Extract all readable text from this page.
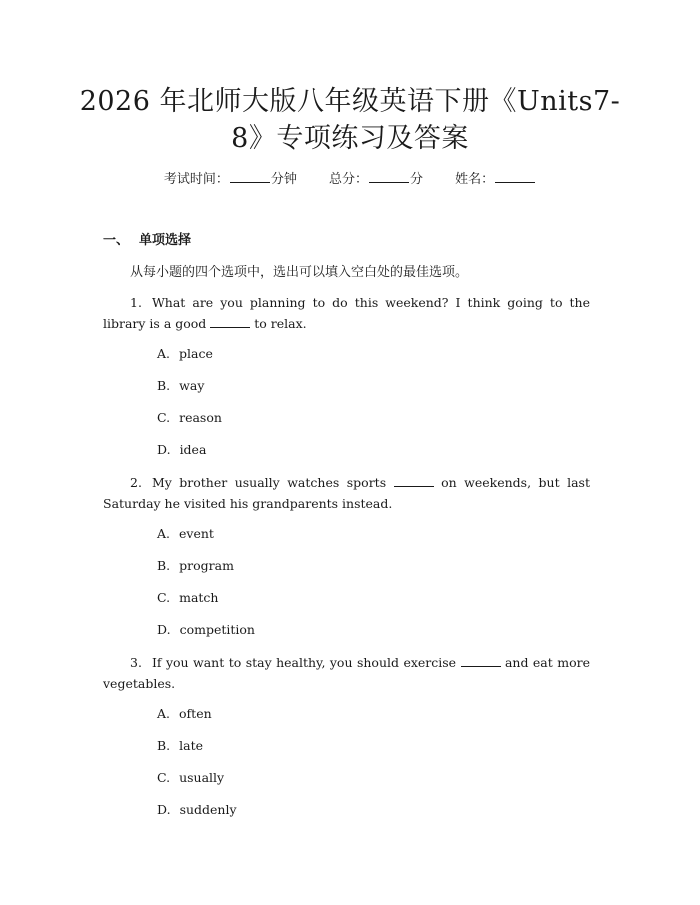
2026 年北师大版八年级英语下册《Units7-
8》专项练习及答案
考试时间：	分钟 总分：	分 姓名：
一、 单项选择
从每小题的四个选项中，选出可以填入空白处的最佳选项。
1. What are you planning to do this weekend? I think going to the library is a good	to relax.
A. place
B. way
C. reason
D. idea
2. My brother usually watches sports	on weekends, but last Saturday he visited his grandparents instead.
A. event
B. program
C. match
D. competition
3. If you want to stay healthy, you should exercise	and eat more vegetables.
A. often
B. late
C. usually
D. suddenly
